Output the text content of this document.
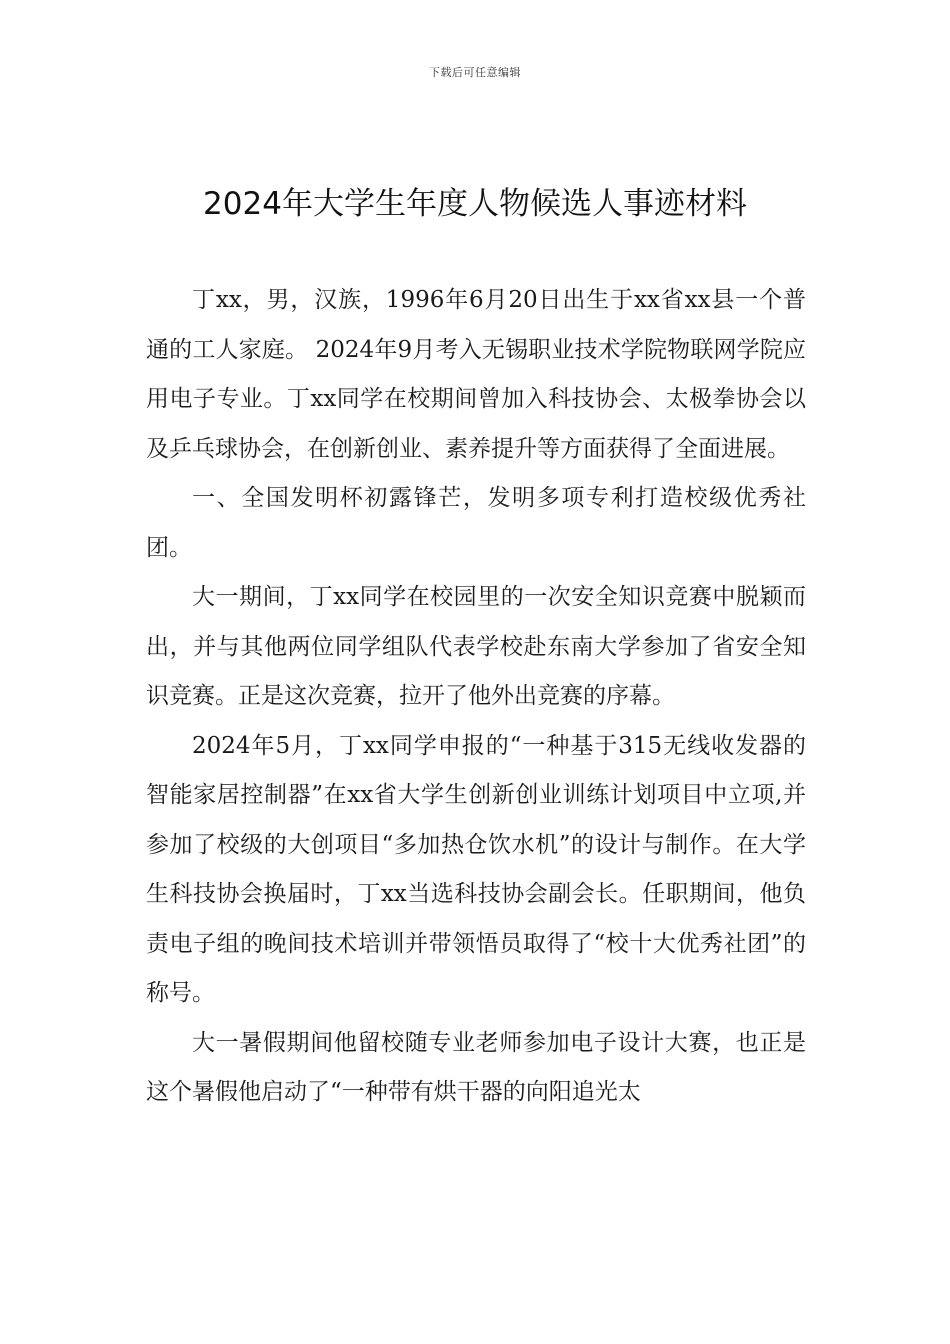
下载后可任意编辑
2024年大学生年度人物候选人事迹材料

丁xx，男，汉族，1996年6月20日出生于xx省xx县一个普通的工人家庭。 2024年9月考入无锡职业技术学院物联网学院应用电子专业。丁xx同学在校期间曾加入科技协会、太极拳协会以及乒乓球协会，在创新创业、素养提升等方面获得了全面进展。

一、全国发明杯初露锋芒，发明多项专利打造校级优秀社团。

大一期间，丁xx同学在校园里的一次安全知识竞赛中脱颖而出，并与其他两位同学组队代表学校赴东南大学参加了省安全知识竞赛。正是这次竞赛，拉开了他外出竞赛的序幕。

2024年5月，丁xx同学申报的“一种基于315无线收发器的智能家居控制器”在xx省大学生创新创业训练计划项目中立项,并参加了校级的大创项目“多加热仓饮水机”的设计与制作。在大学生科技协会换届时，丁xx当选科技协会副会长。任职期间，他负责电子组的晚间技术培训并带领悟员取得了“校十大优秀社团”的称号。

大一暑假期间他留校随专业老师参加电子设计大赛，也正是这个暑假他启动了“一种带有烘干器的向阳追光太
